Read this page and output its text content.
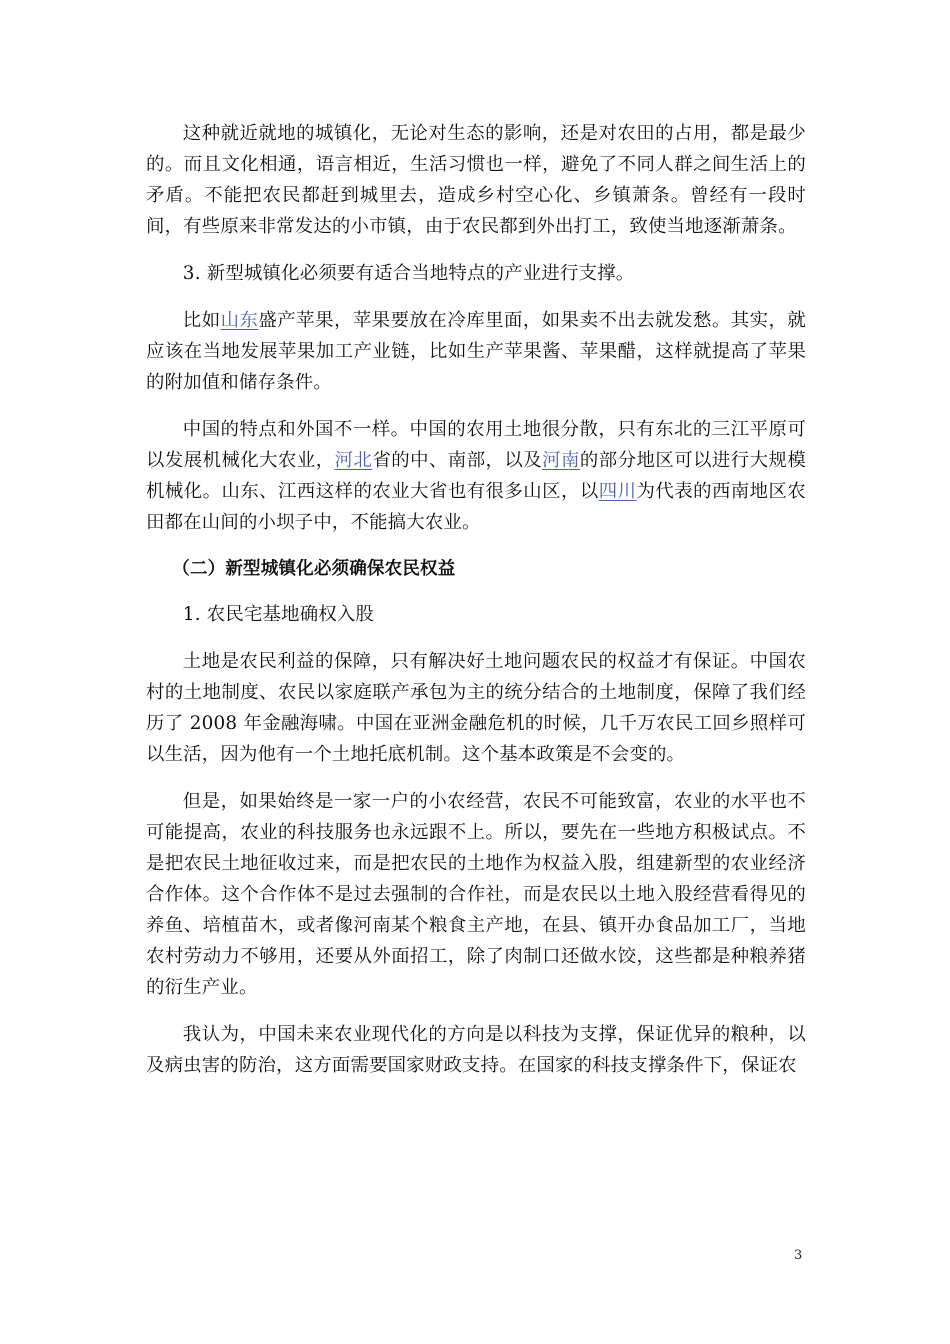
这种就近就地的城镇化，无论对生态的影响，还是对农田的占用，都是最少的。而且文化相通，语言相近，生活习惯也一样，避免了不同人群之间生活上的矛盾。不能把农民都赶到城里去，造成乡村空心化、乡镇萧条。曾经有一段时间，有些原来非常发达的小市镇，由于农民都到外出打工，致使当地逐渐萧条。

3. 新型城镇化必须要有适合当地特点的产业进行支撑。

比如山东盛产苹果，苹果要放在冷库里面，如果卖不出去就发愁。其实，就应该在当地发展苹果加工产业链，比如生产苹果酱、苹果醋，这样就提高了苹果的附加值和储存条件。

中国的特点和外国不一样。中国的农用土地很分散，只有东北的三江平原可以发展机械化大农业，河北省的中、南部，以及河南的部分地区可以进行大规模机械化。山东、江西这样的农业大省也有很多山区，以四川为代表的西南地区农田都在山间的小坝子中，不能搞大农业。

（二）新型城镇化必须确保农民权益

1. 农民宅基地确权入股

土地是农民利益的保障，只有解决好土地问题农民的权益才有保证。中国农村的土地制度、农民以家庭联产承包为主的统分结合的土地制度，保障了我们经历了 2008 年金融海啸。中国在亚洲金融危机的时候，几千万农民工回乡照样可以生活，因为他有一个土地托底机制。这个基本政策是不会变的。

但是，如果始终是一家一户的小农经营，农民不可能致富，农业的水平也不可能提高，农业的科技服务也永远跟不上。所以，要先在一些地方积极试点。不是把农民土地征收过来，而是把农民的土地作为权益入股，组建新型的农业经济合作体。这个合作体不是过去强制的合作社，而是农民以土地入股经营看得见的养鱼、培植苗木，或者像河南某个粮食主产地，在县、镇开办食品加工厂，当地农村劳动力不够用，还要从外面招工，除了肉制口还做水饺，这些都是种粮养猪的衍生产业。

我认为，中国未来农业现代化的方向是以科技为支撑，保证优异的粮种，以及病虫害的防治，这方面需要国家财政支持。在国家的科技支撑条件下，保证农

3
